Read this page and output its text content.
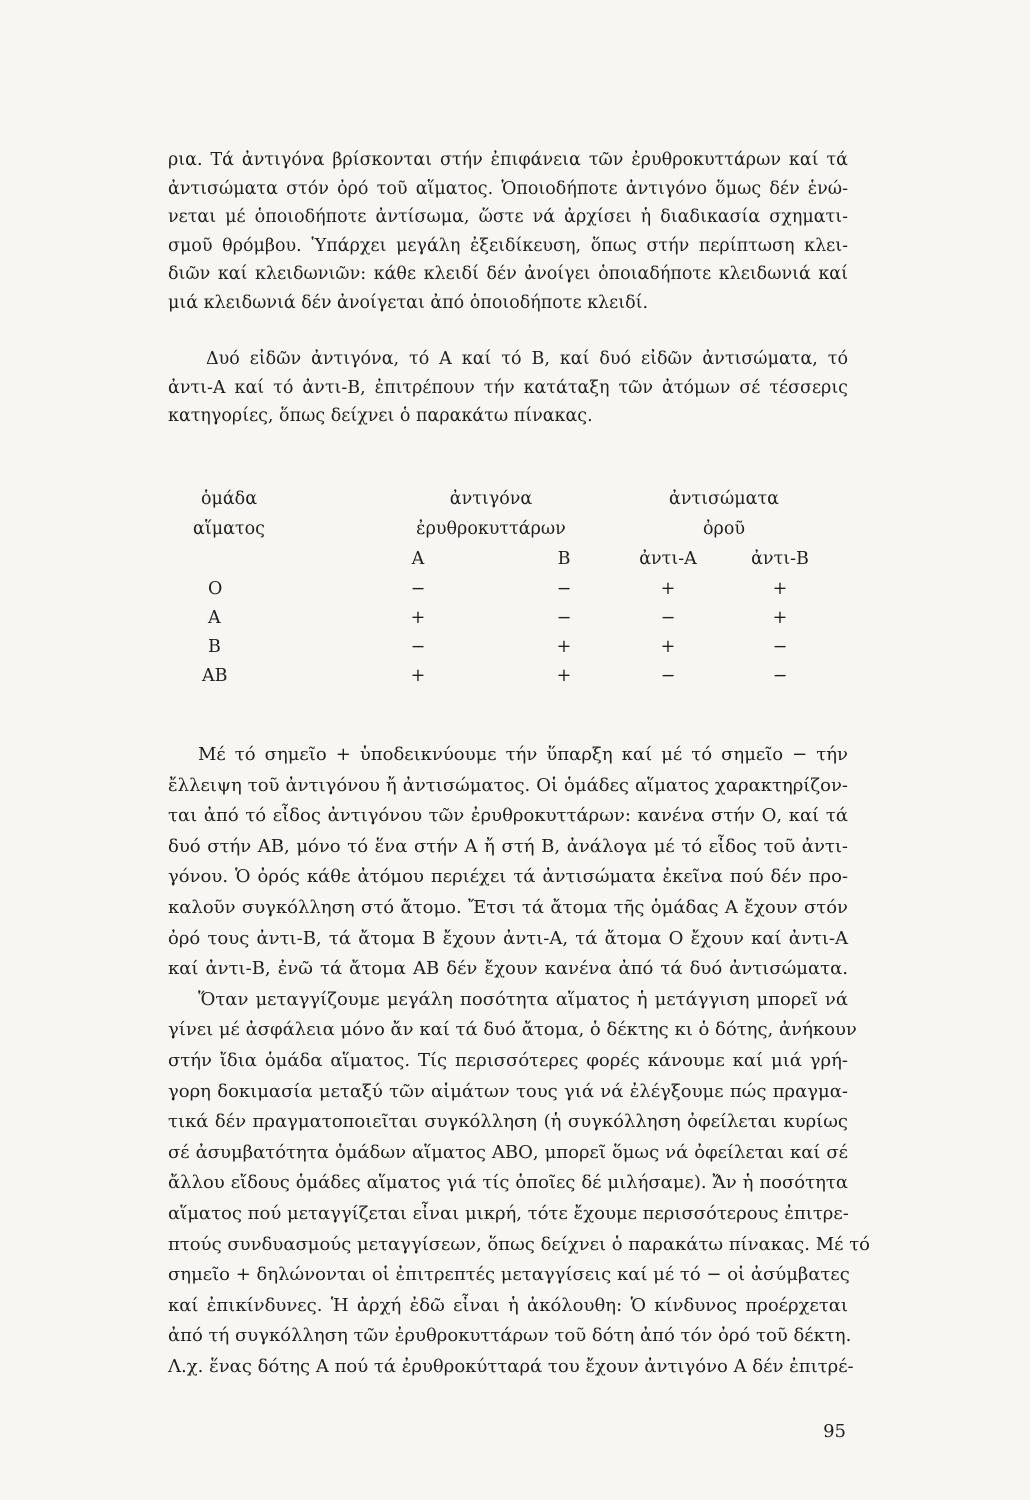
ρια. Τά ἀντιγόνα βρίσκονται στήν ἐπιφάνεια τῶν ἐρυθροκυττάρων καί τά
ἀντισώματα στόν ὀρό τοῦ αἵματος. Ὁποιοδήποτε ἀντιγόνο ὅμως δέν ἑνώ-
νεται μέ ὁποιοδήποτε ἀντίσωμα, ὥστε νά ἀρχίσει ἡ διαδικασία σχηματι-
σμοῦ θρόμβου. Ὑπάρχει μεγάλη ἐξειδίκευση, ὅπως στήν περίπτωση κλει-
διῶν καί κλειδωνιῶν: κάθε κλειδί δέν ἀνοίγει ὁποιαδήποτε κλειδωνιά καί
μιά κλειδωνιά δέν ἀνοίγεται ἀπό ὁποιοδήποτε κλειδί.
Δυό εἰδῶν ἀντιγόνα, τό Α καί τό Β, καί δυό εἰδῶν ἀντισώματα, τό
ἀντι-Α καί τό ἀντι-Β, ἐπιτρέπουν τήν κατάταξη τῶν ἀτόμων σέ τέσσερις
κατηγορίες, ὅπως δείχνει ὁ παρακάτω πίνακας.
ὁμάδα		ἀντιγόνα				ἀντισώματα		
αἵματος		ἐρυθροκυττάρων				ὀροῦ		
		Α		Β		ἀντι-Α		ἀντι-Β
Ο		−		−		+		+
Α		+		−		−		+
Β		−		+		+		−
ΑΒ		+		+		−		−
Μέ τό σημεῖο + ὑποδεικνύουμε τήν ὕπαρξη καί μέ τό σημεῖο − τήν
ἔλλειψη τοῦ ἀντιγόνου ἤ ἀντισώματος. Οἱ ὁμάδες αἵματος χαρακτηρίζον-
ται ἀπό τό εἶδος ἀντιγόνου τῶν ἐρυθροκυττάρων: κανένα στήν Ο, καί τά
δυό στήν ΑΒ, μόνο τό ἕνα στήν Α ἤ στή Β, ἀνάλογα μέ τό εἶδος τοῦ ἀντι-
γόνου. Ὁ ὀρός κάθε ἀτόμου περιέχει τά ἀντισώματα ἐκεῖνα πού δέν προ-
καλοῦν συγκόλληση στό ἄτομο. Ἔτσι τά ἄτομα τῆς ὁμάδας Α ἔχουν στόν
ὀρό τους ἀντι-Β, τά ἄτομα Β ἔχουν ἀντι-Α, τά ἄτομα Ο ἔχουν καί ἀντι-Α
καί ἀντι-Β, ἐνῶ τά ἄτομα ΑΒ δέν ἔχουν κανένα ἀπό τά δυό ἀντισώματα.
Ὅταν μεταγγίζουμε μεγάλη ποσότητα αἵματος ἡ μετάγγιση μπορεῖ νά
γίνει μέ ἀσφάλεια μόνο ἄν καί τά δυό ἄτομα, ὁ δέκτης κι ὁ δότης, ἀνήκουν
στήν ἴδια ὁμάδα αἵματος. Τίς περισσότερες φορές κάνουμε καί μιά γρή-
γορη δοκιμασία μεταξύ τῶν αἱμάτων τους γιά νά ἐλέγξουμε πώς πραγμα-
τικά δέν πραγματοποιεῖται συγκόλληση (ἡ συγκόλληση ὀφείλεται κυρίως
σέ ἀσυμβατότητα ὁμάδων αἵματος ΑΒΟ, μπορεῖ ὅμως νά ὀφείλεται καί σέ
ἄλλου εἴδους ὁμάδες αἵματος γιά τίς ὁποῖες δέ μιλήσαμε). Ἄν ἡ ποσότητα
αἵματος πού μεταγγίζεται εἶναι μικρή, τότε ἔχουμε περισσότερους ἐπιτρε-
πτούς συνδυασμούς μεταγγίσεων, ὅπως δείχνει ὁ παρακάτω πίνακας. Μέ τό
σημεῖο + δηλώνονται οἱ ἐπιτρεπτές μεταγγίσεις καί μέ τό − οἱ ἀσύμβατες
καί ἐπικίνδυνες. Ἡ ἀρχή ἐδῶ εἶναι ἡ ἀκόλουθη: Ὁ κίνδυνος προέρχεται
ἀπό τή συγκόλληση τῶν ἐρυθροκυττάρων τοῦ δότη ἀπό τόν ὀρό τοῦ δέκτη.
Λ.χ. ἕνας δότης Α πού τά ἐρυθροκύτταρά του ἔχουν ἀντιγόνο Α δέν ἐπιτρέ-
95
